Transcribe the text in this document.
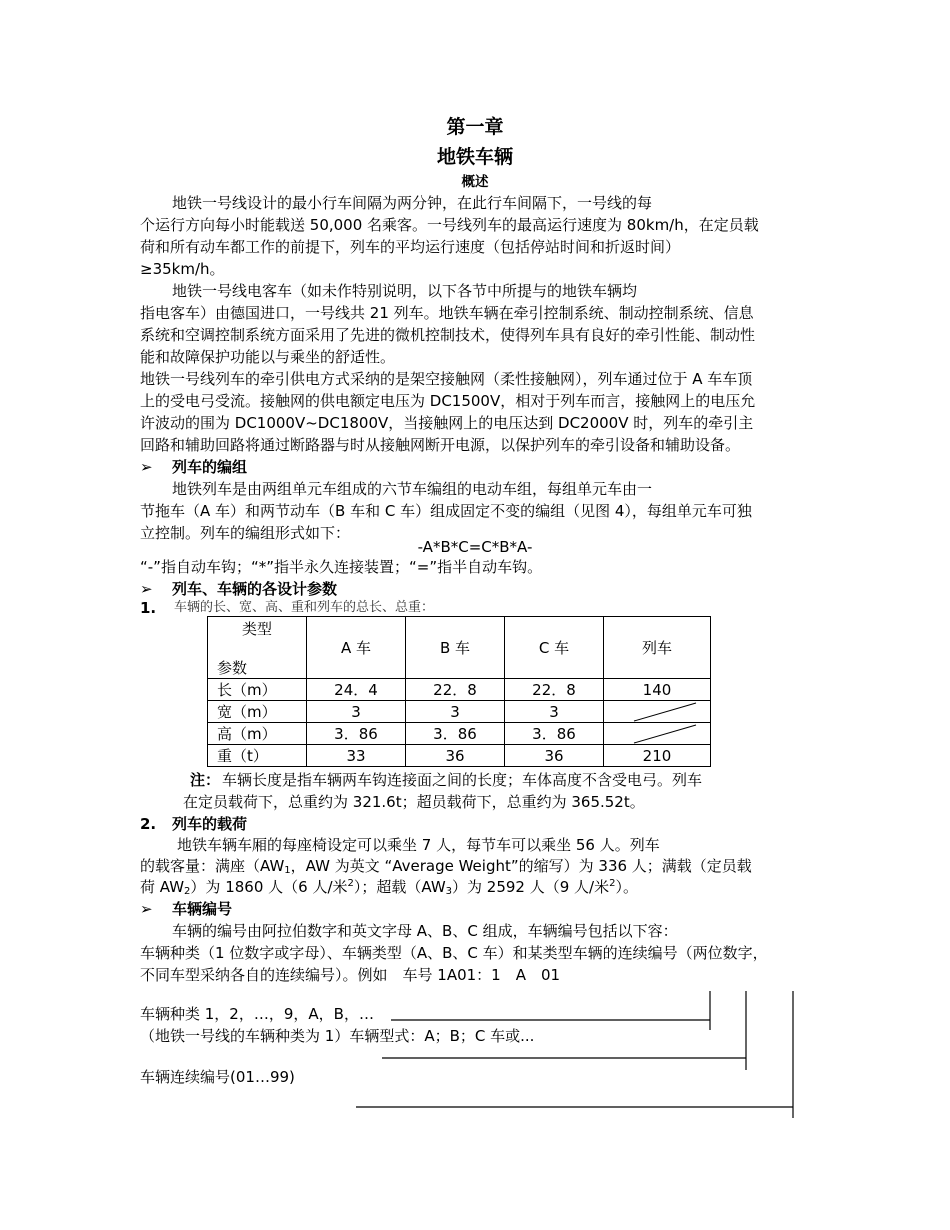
第一章
地铁车辆
概述
地铁一号线设计的最小行车间隔为两分钟，在此行车间隔下，一号线的每
个运行方向每小时能载送 50,000 名乘客。一号线列车的最高运行速度为 80km/h，在定员载
荷和所有动车都工作的前提下，列车的平均运行速度（包括停站时间和折返时间）
≥35km/h。
地铁一号线电客车（如未作特别说明，以下各节中所提与的地铁车辆均
指电客车）由德国进口，一号线共 21 列车。地铁车辆在牵引控制系统、制动控制系统、信息
系统和空调控制系统方面采用了先进的微机控制技术，使得列车具有良好的牵引性能、制动性
能和故障保护功能以与乘坐的舒适性。
地铁一号线列车的牵引供电方式采纳的是架空接触网（柔性接触网），列车通过位于 A 车车顶
上的受电弓受流。接触网的供电额定电压为 DC1500V，相对于列车而言，接触网上的电压允
许波动的围为 DC1000V~DC1800V，当接触网上的电压达到 DC2000V 时，列车的牵引主
回路和辅助回路将通过断路器与时从接触网断开电源，以保护列车的牵引设备和辅助设备。
➢ 列车的编组
地铁列车是由两组单元车组成的六节车编组的电动车组，每组单元车由一
节拖车（A 车）和两节动车（B 车和 C 车）组成固定不变的编组（见图 4），每组单元车可独
立控制。列车的编组形式如下：
-A*B*C=C*B*A-
“-”指自动车钩；“*”指半永久连接装置；“=”指半自动车钩。
➢ 列车、车辆的各设计参数
1. 车辆的长、宽、高、重和列车的总长、总重：
类型
参数	A 车	B 车	C 车	列车
长（m）	24．4	22．8	22．8	140
宽（m）	3	3	3	

高（m）	3．86	3．86	3．86	

重（t）	33	36	36	210
注： 车辆长度是指车辆两车钩连接面之间的长度；车体高度不含受电弓。列车
在定员载荷下，总重约为 321.6t；超员载荷下，总重约为 365.52t。
2. 列车的载荷
地铁车辆车厢的每座椅设定可以乘坐 7 人，每节车可以乘坐 56 人。列车
的载客量：满座（$AW_1$，AW 为英文 “Average Weight”的缩写）为 336 人；满载（定员载
荷 $AW_2$）为 1860 人（6 人/米$^2$）；超载$(AW_3)$为 2592 人（9 人/米$^2$）。
➢ 车辆编号
车辆的编号由阿拉伯数字和英文字母 A、B、C 组成，车辆编号包括以下容：
车辆种类（1 位数字或字母）、车辆类型（A、B、C 车）和某类型车辆的连续编号（两位数字，
不同车型采纳各自的连续编号）。例如　车号 1A01：1　A　01
车辆种类 1，2，…，9，A，B，…
（地铁一号线的车辆种类为 1）车辆型式：A；B；C 车或...
车辆连续编号(01…99)
